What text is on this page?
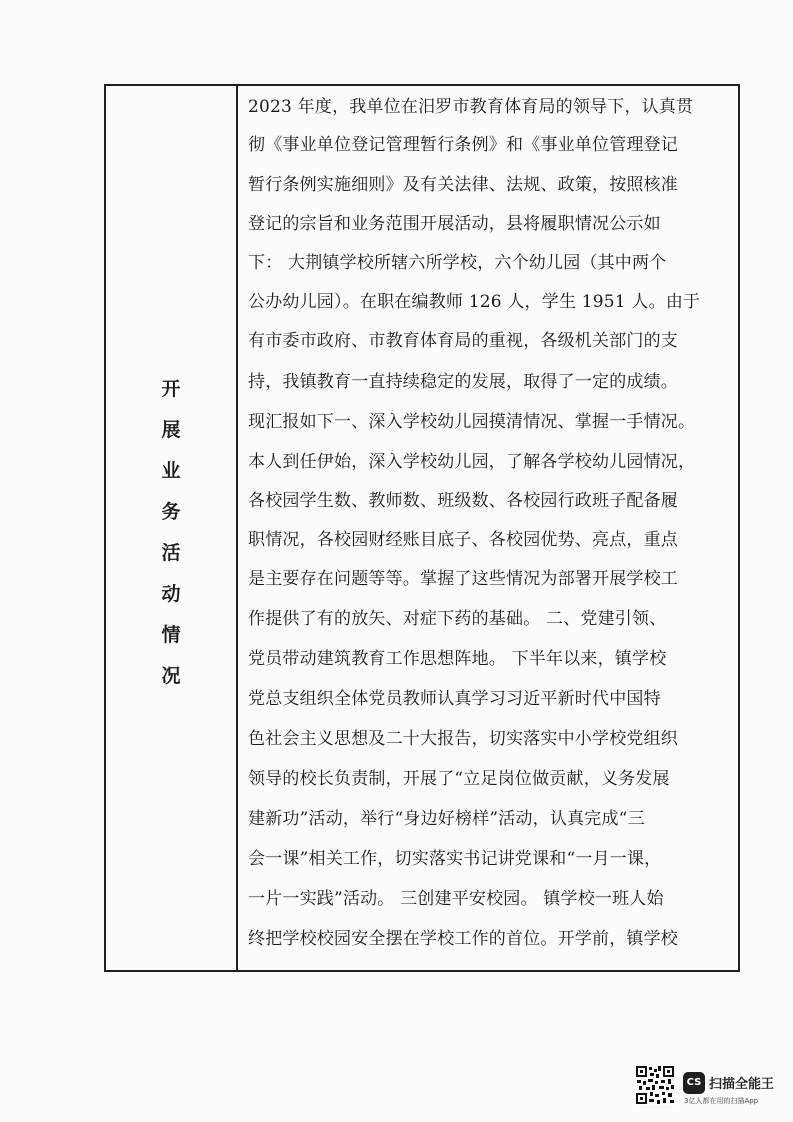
开
展
业
务
活
动
情
况
2023 年度，我单位在汨罗市教育体育局的领导下，认真贯
彻《事业单位登记管理暂行条例》和《事业单位管理登记
暂行条例实施细则》及有关法律、法规、政策，按照核准
登记的宗旨和业务范围开展活动，县将履职情况公示如
下： 大荆镇学校所辖六所学校，六个幼儿园（其中两个
公办幼儿园）。在职在编教师 126 人，学生 1951 人。由于
有市委市政府、市教育体育局的重视，各级机关部门的支
持，我镇教育一直持续稳定的发展，取得了一定的成绩。
现汇报如下一、深入学校幼儿园摸清情况、掌握一手情况。
本人到任伊始，深入学校幼儿园，了解各学校幼儿园情况，
各校园学生数、教师数、班级数、各校园行政班子配备履
职情况，各校园财经账目底子、各校园优势、亮点，重点
是主要存在问题等等。掌握了这些情况为部署开展学校工
作提供了有的放矢、对症下药的基础。 二、党建引领、
党员带动建筑教育工作思想阵地。 下半年以来，镇学校
党总支组织全体党员教师认真学习习近平新时代中国特
色社会主义思想及二十大报告，切实落实中小学校党组织
领导的校长负责制，开展了“立足岗位做贡献，义务发展
建新功”活动，举行“身边好榜样”活动，认真完成“三
会一课”相关工作，切实落实书记讲党课和“一月一课，
一片一实践”活动。 三创建平安校园。 镇学校一班人始
终把学校校园安全摆在学校工作的首位。开学前，镇学校
CS 扫描全能王
3亿人都在用的扫描App
